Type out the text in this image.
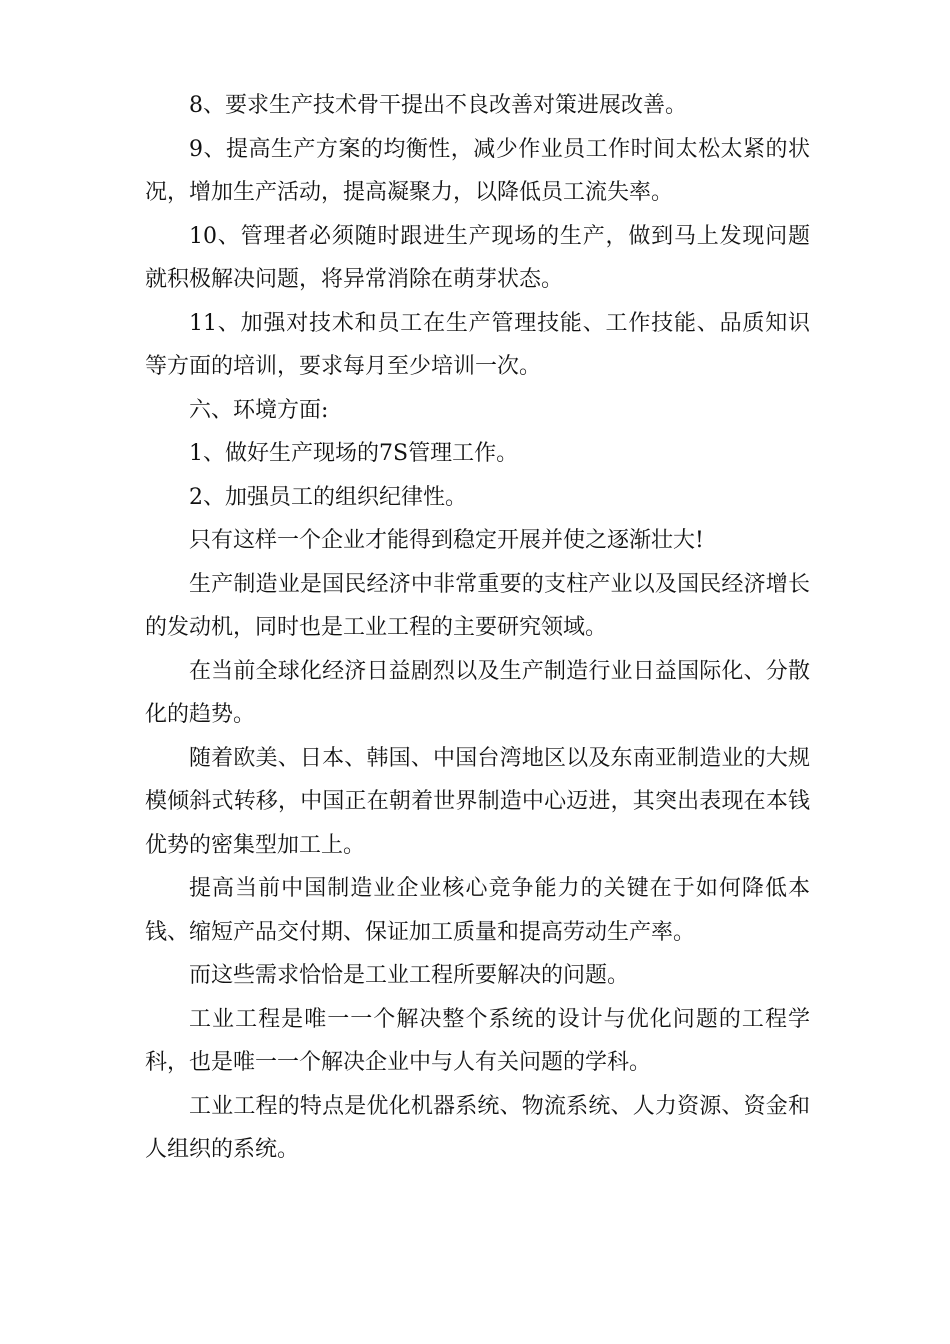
8、要求生产技术骨干提出不良改善对策进展改善。

9、提高生产方案的均衡性，减少作业员工作时间太松太紧的状况，增加生产活动，提高凝聚力，以降低员工流失率。

10、管理者必须随时跟进生产现场的生产，做到马上发现问题就积极解决问题，将异常消除在萌芽状态。

11、加强对技术和员工在生产管理技能、工作技能、品质知识等方面的培训，要求每月至少培训一次。

六、环境方面:

1、做好生产现场的7S管理工作。

2、加强员工的组织纪律性。

只有这样一个企业才能得到稳定开展并使之逐渐壮大!

生产制造业是国民经济中非常重要的支柱产业以及国民经济增长的发动机，同时也是工业工程的主要研究领域。

在当前全球化经济日益剧烈以及生产制造行业日益国际化、分散化的趋势。

随着欧美、日本、韩国、中国台湾地区以及东南亚制造业的大规模倾斜式转移，中国正在朝着世界制造中心迈进，其突出表现在本钱优势的密集型加工上。

提高当前中国制造业企业核心竞争能力的关键在于如何降低本钱、缩短产品交付期、保证加工质量和提高劳动生产率。

而这些需求恰恰是工业工程所要解决的问题。

工业工程是唯一一个解决整个系统的设计与优化问题的工程学科，也是唯一一个解决企业中与人有关问题的学科。

工业工程的特点是优化机器系统、物流系统、人力资源、资金和人组织的系统。
